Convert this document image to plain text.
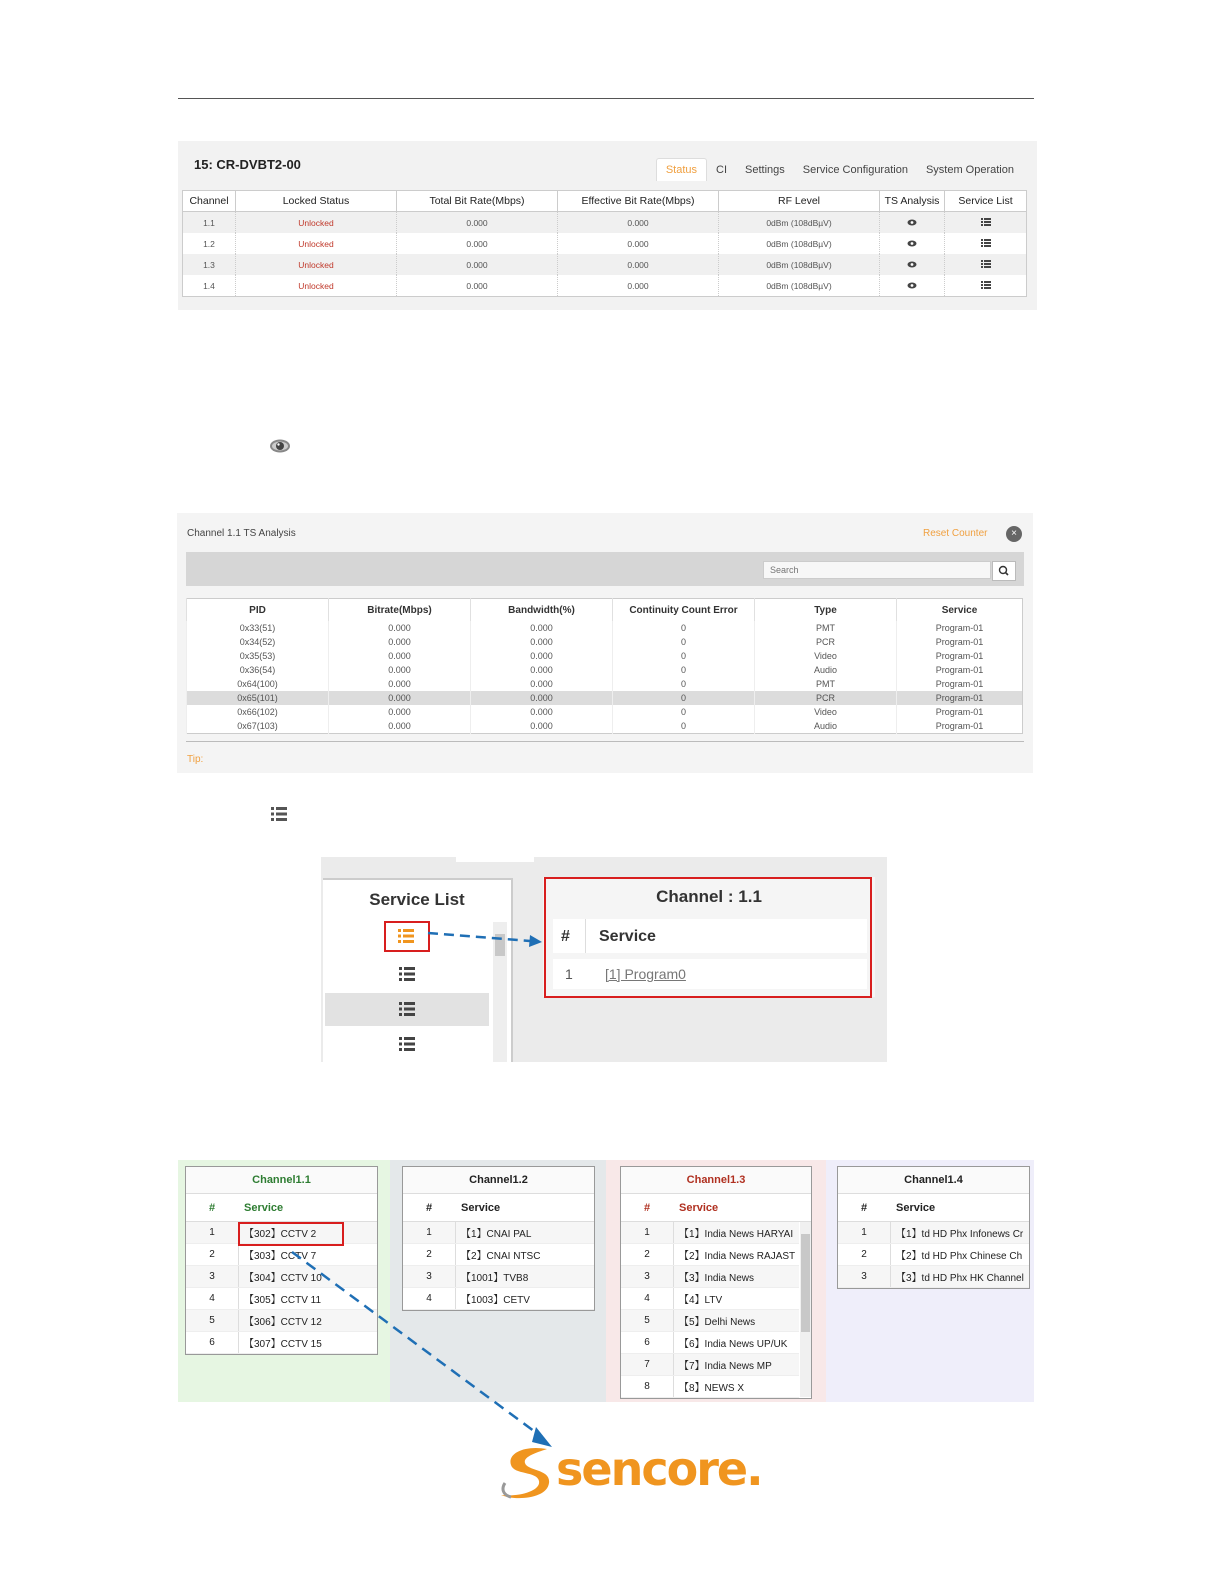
15: CR-DVBT2-00	Status	CI	Settings	Service Configuration	System Operation
Channel	Locked Status	Total Bit Rate(Mbps)	Effective Bit Rate(Mbps)	RF Level	TS Analysis	Service List
1.1	Unlocked	0.000	0.000	0dBm (108dBµV)		
1.2	Unlocked	0.000	0.000	0dBm (108dBµV)		
1.3	Unlocked	0.000	0.000	0dBm (108dBµV)		
1.4	Unlocked	0.000	0.000	0dBm (108dBµV)		
Channel 1.1 TS Analysis	Reset Counter	×
Search
PID	Bitrate(Mbps)	Bandwidth(%)	Continuity Count Error	Type	Service
0x33(51)	0.000	0.000	0	PMT	Program-01
0x34(52)	0.000	0.000	0	PCR	Program-01
0x35(53)	0.000	0.000	0	Video	Program-01
0x36(54)	0.000	0.000	0	Audio	Program-01
0x64(100)	0.000	0.000	0	PMT	Program-01
0x65(101)	0.000	0.000	0	PCR	Program-01
0x66(102)	0.000	0.000	0	Video	Program-01
0x67(103)	0.000	0.000	0	Audio	Program-01
Tip:
Service List	Channel : 1.1
# Service
1 [1] Program0
Channel1.1
#	Service
1	【302】CCTV 2
2	【303】CCTV 7
3	【304】CCTV 10
4	【305】CCTV 11
5	【306】CCTV 12
6	【307】CCTV 15
Channel1.2
#	Service
1	【1】CNAI PAL
2	【2】CNAI NTSC
3	【1001】TVB8
4	【1003】CETV
Channel1.3
#	Service
1	【1】India News HARYAI
2	【2】India News RAJAST
3	【3】India News
4	【4】LTV
5	【5】Delhi News
6	【6】India News UP/UK
7	【7】India News MP
8	【8】NEWS X
Channel1.4
#	Service
1	【1】td HD Phx Infonews Cr
2	【2】td HD Phx Chinese Ch
3	【3】td HD Phx HK Channel
sencore.
